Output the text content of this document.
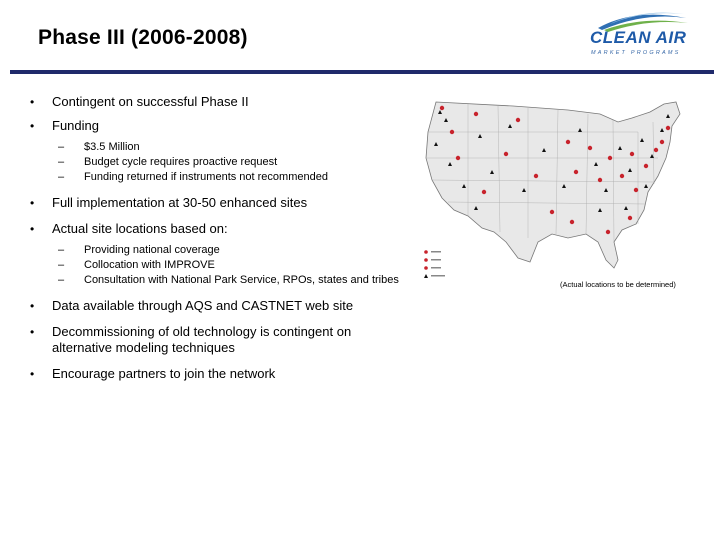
Phase III (2006-2008)	CLEAN AIR
MARKET PROGRAMS
• Contingent on successful Phase II
• Funding
– $3.5 Million
– Budget cycle requires proactive request
– Funding returned if instruments not recommended
• Full implementation at 30-50 enhanced sites
• Actual site locations based on:
– Providing national coverage
– Collocation with IMPROVE
– Consultation with National Park Service, RPOs, states and tribes
• Data available through AQS and CASTNET web site
• Decommissioning of old technology is contingent on alternative modeling techniques
• Encourage partners to join the network
(Actual locations to be determined)
